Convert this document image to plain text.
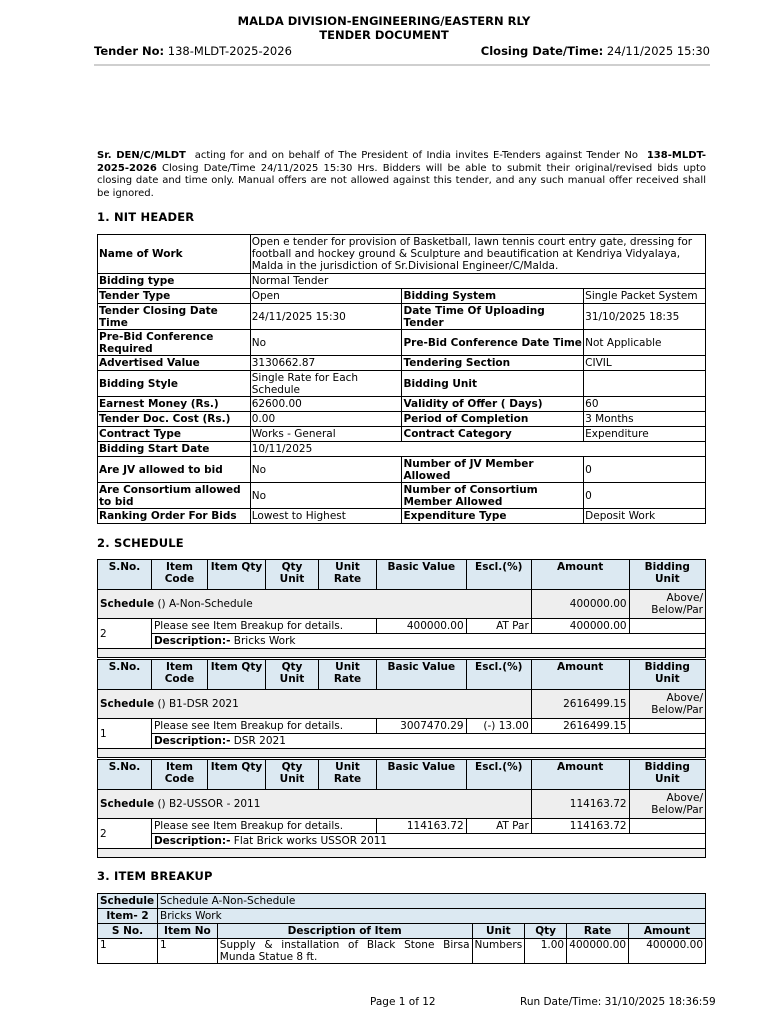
MALDA DIVISION-ENGINEERING/EASTERN RLY
TENDER DOCUMENT
Tender No: 138-MLDT-2025-2026	Closing Date/Time: 24/11/2025 15:30
Sr. DEN/C/MLDT acting for and on behalf of The President of India invites E-Tenders against Tender No 138-MLDT-2025-2026 Closing Date/Time 24/11/2025 15:30 Hrs. Bidders will be able to submit their original/revised bids upto closing date and time only. Manual offers are not allowed against this tender, and any such manual offer received shall be ignored.
1. NIT HEADER
Name of Work	Open e tender for provision of Basketball, lawn tennis court entry gate, dressing for football and hockey ground & Sculpture and beautification at Kendriya Vidyalaya, Malda in the jurisdiction of Sr.Divisional Engineer/C/Malda.		
Bidding type	Normal Tender		
Tender Type	Open	Bidding System	Single Packet System
Tender Closing Date Time	24/11/2025 15:30	Date Time Of Uploading Tender	31/10/2025 18:35
Pre-Bid Conference Required	No	Pre-Bid Conference Date Time	Not Applicable
Advertised Value	3130662.87	Tendering Section	CIVIL
Bidding Style	Single Rate for Each Schedule	Bidding Unit	
Earnest Money (Rs.)	62600.00	Validity of Offer ( Days)	60
Tender Doc. Cost (Rs.)	0.00	Period of Completion	3 Months
Contract Type	Works - General	Contract Category	Expenditure
Bidding Start Date	10/11/2025		
Are JV allowed to bid	No	Number of JV Member Allowed	0
Are Consortium allowed to bid	No	Number of Consortium Member Allowed	0
Ranking Order For Bids	Lowest to Highest	Expenditure Type	Deposit Work
2. SCHEDULE
S.No.	Item Code	Item Qty	Qty Unit	Unit Rate	Basic Value	Escl.(%)	Amount	Bidding Unit
Schedule () A-Non-Schedule							400000.00	Above/ Below/Par
2	Please see Item Breakup for details.				400000.00	AT Par	400000.00	
	Description:- Bricks Work							

S.No.	Item Code	Item Qty	Qty Unit	Unit Rate	Basic Value	Escl.(%)	Amount	Bidding Unit
Schedule () B1-DSR 2021							2616499.15	Above/ Below/Par
1	Please see Item Breakup for details.				3007470.29	(-) 13.00	2616499.15	
	Description:- DSR 2021							

S.No.	Item Code	Item Qty	Qty Unit	Unit Rate	Basic Value	Escl.(%)	Amount	Bidding Unit
Schedule () B2-USSOR - 2011							114163.72	Above/ Below/Par
2	Please see Item Breakup for details.				114163.72	AT Par	114163.72	
	Description:- Flat Brick works USSOR 2011							

3. ITEM BREAKUP
Schedule	Schedule A-Non-Schedule					
Item- 2	Bricks Work					
S No.	Item No	Description of Item	Unit	Qty	Rate	Amount
1	1	Supply & installation of Black Stone Birsa Munda Statue 8 ft.	Numbers	1.00	400000.00	400000.00
Page 1 of 12	Run Date/Time: 31/10/2025 18:36:59
